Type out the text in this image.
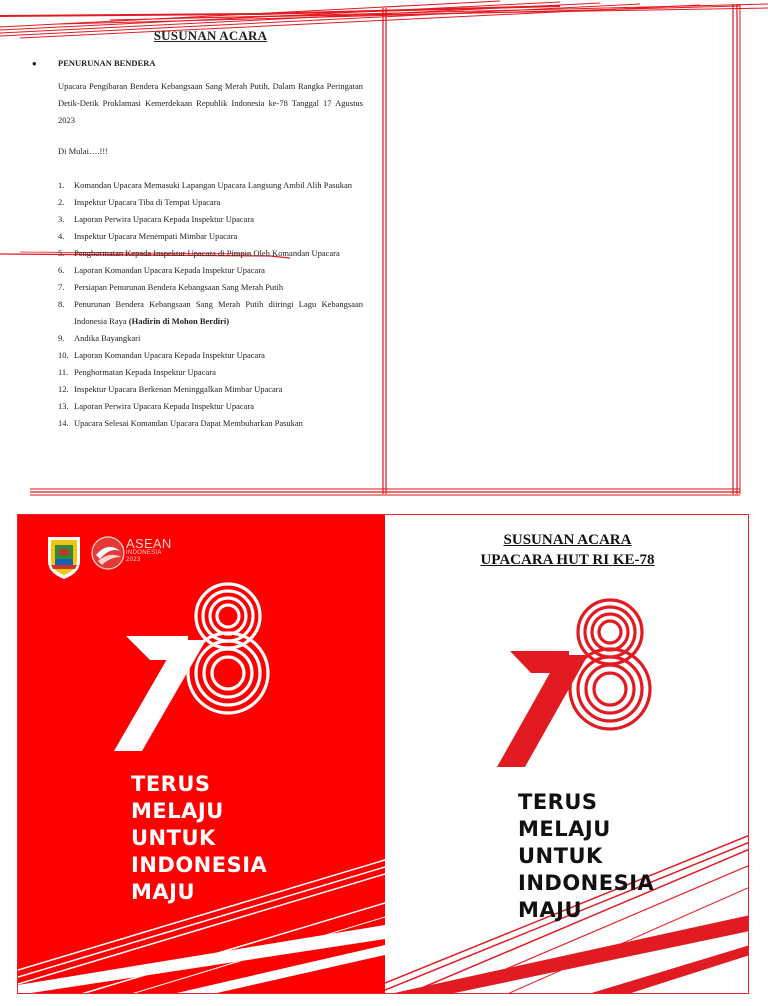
SUSUNAN ACARA
•	PENURUNAN BENDERA
Upacara Pengibaran Bendera Kebangsaan Sang Merah Putih, Dalam Rangka Peringatan Detik-Detik Proklamasi Kemerdekaan Republik Indonesia ke-78 Tanggal 17 Agustus 2023
Di Mulai….!!!
1.	Komandan Upacara Memasuki Lapangan Upacara Langsung Ambil Alih Pasukan
2.	Inspektur Upacara Tiba di Tempat Upacara
3.	Laporan Perwira Upacara Kepada Inspektur Upacara
4.	Inspektur Upacara Menempati Mimbar Upacara
5.	Penghormatan Kepada Inspektur Upacara di Pimpin Oleh Komandan Upacara
6.	Laporan Komandan Upacara Kepada Inspektur Upacara
7.	Persiapan Penurunan Bendera Kebangsaan Sang Merah Putih
8.	Penurunan Bendera Kebangsaan Sang Merah Putih diiringi Lagu Kebangsaan Indonesia Raya (Hadirin di Mohon Berdiri)
9.	Andika Bayangkari
10. Laporan Komandan Upacara Kepada Inspektur Upacara
11. Penghormatan Kepada Inspektur Upacara
12. Inspektur Upacara Berkenan Meninggalkan Mimbar Upacara
13. Laporan Perwira Upacara Kepada Inspektur Upacara
14. Upacara Selesai Komandan Upacara Dapat Membubarkan Pasukan
ASEAN
INDONESIA
2023
TERUS
MELAJU
UNTUK
INDONESIA
MAJU
SUSUNAN ACARA
UPACARA HUT RI KE-78
TERUS
MELAJU
UNTUK
INDONESIA
MAJU
